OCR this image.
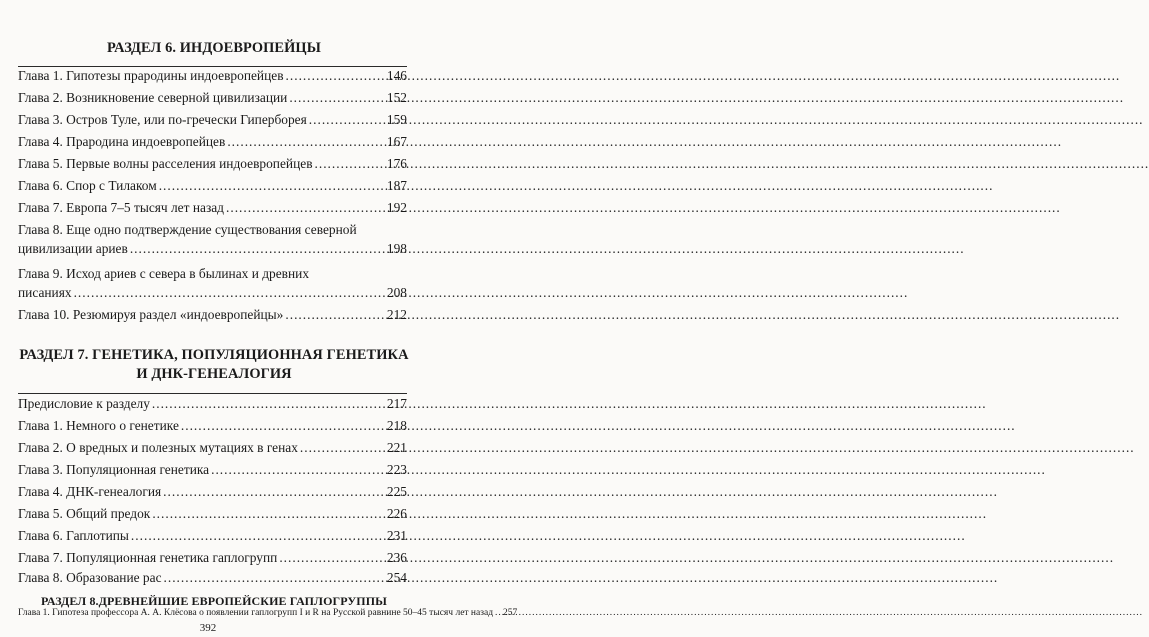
РАЗДЕЛ 6. ИНДОЕВРОПЕЙЦЫ
Глава 1. Гипотезы прародины индоевропейцев .....	146
Глава 2. Возникновение северной цивилизации .....	152
Глава 3. Остров Туле, или по-гречески Гиперборея .....	159
Глава 4. Прародина индоевропейцев .....	167
Глава 5. Первые волны расселения индоевропейцев .....	176
Глава 6. Спор с Тилаком .....	187
Глава 7. Европа 7–5 тысяч лет назад .....	192
Глава 8. Еще одно подтверждение существования северной
цивилизации ариев .....	198
Глава 9. Исход ариев с севера в былинах и древних
писаниях .....	208
Глава 10. Резюмируя раздел «индоевропейцы» .....	212
РАЗДЕЛ 7. ГЕНЕТИКА, ПОПУЛЯЦИОННАЯ ГЕНЕТИКА
И ДНК-ГЕНЕАЛОГИЯ
Предисловие к разделу .....	217
Глава 1. Немного о генетике .....	218
Глава 2. О вредных и полезных мутациях в генах .....	221
Глава 3. Популяционная генетика .....	223
Глава 4. ДНК-генеалогия .....	225
Глава 5. Общий предок .....	226
Глава 6. Гаплотипы .....	231
Глава 7. Популяционная генетика гаплогрупп .....	236
Глава 8. Образование рас .....	254
РАЗДЕЛ 8.ДРЕВНЕЙШИЕ ЕВРОПЕЙСКИЕ ГАПЛОГРУППЫ
Глава 1. Гипотеза профессора А. А. Клёсова о появлении
гаплогрупп I и R на Русской равнине 50–45 тысяч лет назад ..... 257
392
